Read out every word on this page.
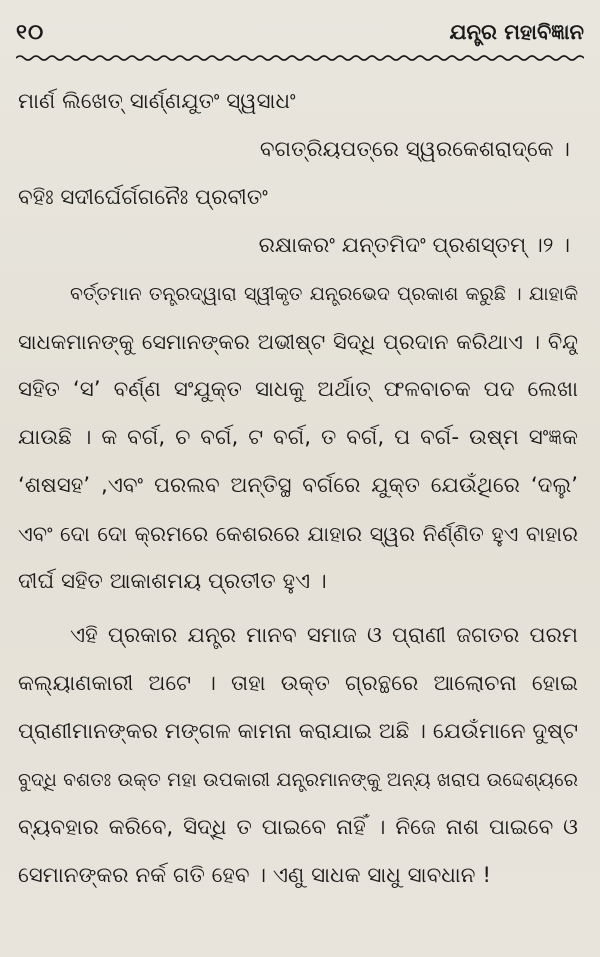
୧୦	ଯନ୍ତ୍ର ମହାବିଜ୍ଞାନ
ମାର୍ଣ ଲିଖେତ୍ ସାର୍ଣ୍ଣଯୁତଂ ସ୍ୱସାଧଂ
ବଗତ୍ରିୟପତ୍ରେ ସ୍ୱରକେଶରାଦ୍‌କେ ।
ବହିଃ ସଦୀର୍ଘେର୍ଗଗନୈଃ ପ୍ରବୀତଂ
ରକ୍ଷାକରଂ ଯନ୍ତମିଦଂ ପ୍ରଶସ୍ତମ୍ ।୨ ।
ବର୍ତ୍ତମାନ ତନ୍ତ୍ରଦ୍ୱାରା ସ୍ୱୀକୃତ ଯନ୍ତ୍ରଭେଦ ପ୍ରକାଶ କରୁଛି । ଯାହାକି
ସାଧକମାନଙ୍କୁ ସେମାନଙ୍କର ଅଭୀଷ୍ଟ ସିଦ୍ଧି ପ୍ରଦାନ କରିଥାଏ । ବିନ୍ଦୁ
ସହିତ ‘ସ’ ବର୍ଣ୍ଣ ସଂଯୁକ୍ତ ସାଧକୁ ଅର୍ଥାତ୍ ଫଳବାଚକ ପଦ ଲେଖା
ଯାଉଛି । କ ବର୍ଗ, ଚ ବର୍ଗ, ଟ ବର୍ଗ, ତ ବର୍ଗ, ପ ବର୍ଗ- ଉଷ୍ମ ସଂଜ୍ଞକ
‘ଶଷସହ’ ,ଏବଂ ପରଲବ ଅନ୍ତିସ୍ଥ ବର୍ଗରେ ଯୁକ୍ତ ଯେଉଁଥିରେ ‘ଦଲୁ’
ଏବଂ ଦୋ ଦୋ କ୍ରମରେ କେଶରରେ ଯାହାର ସ୍ୱର ନିର୍ଣ୍ଣିତ ହୁଏ ବାହାର
ଦୀର୍ଘ ସହିତ ଆକାଶମୟ ପ୍ରତୀତ ହୁଏ ।
ଏହି ପ୍ରକାର ଯନ୍ତ୍ର ମାନବ ସମାଜ ଓ ପ୍ରାଣୀ ଜଗତର ପରମ
କଲ୍ୟାଣକାରୀ ଅଟେ । ତାହା ଉକ୍ତ ଗ୍ରନ୍ଥରେ ଆଲୋଚନା ହୋଇ
ପ୍ରାଣୀମାନଙ୍କର ମଙ୍ଗଳ କାମନା କରାଯାଇ ଅଛି । ଯେଉଁମାନେ ଦୁଷ୍ଟ
ବୁଦ୍ଧି ବଶତଃ ଉକ୍ତ ମହା ଉପକାରୀ ଯନ୍ତ୍ରମାନଙ୍କୁ ଅନ୍ୟ ଖରାପ ଉଦ୍ଦେଶ୍ୟରେ
ବ୍ୟବହାର କରିବେ, ସିଦ୍ଧି ତ ପାଇବେ ନାହିଁ । ନିଜେ ନାଶ ପାଇବେ ଓ
ସେମାନଙ୍କର ନର୍କ ଗତି ହେବ । ଏଣୁ ସାଧକ ସାଧୁ ସାବଧାନ !
